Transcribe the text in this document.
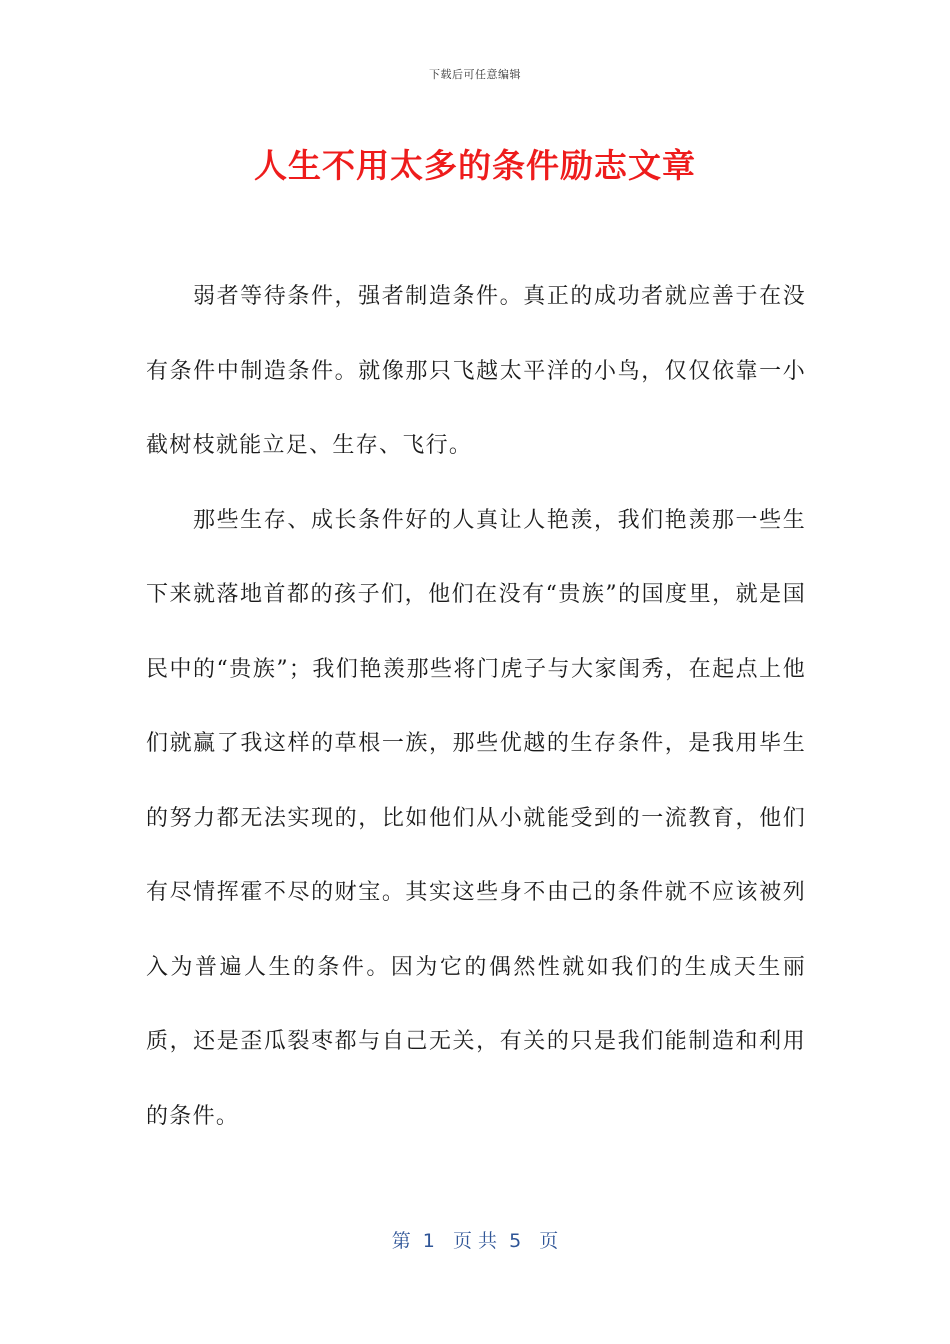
下载后可任意编辑
人生不用太多的条件励志文章

弱者等待条件，强者制造条件。真正的成功者就应善于在没有条件中制造条件。就像那只飞越太平洋的小鸟，仅仅依靠一小截树枝就能立足、生存、飞行。

那些生存、成长条件好的人真让人艳羡，我们艳羡那一些生下来就落地首都的孩子们，他们在没有“贵族”的国度里，就是国民中的“贵族”；我们艳羡那些将门虎子与大家闺秀，在起点上他们就赢了我这样的草根一族，那些优越的生存条件，是我用毕生的努力都无法实现的，比如他们从小就能受到的一流教育，他们有尽情挥霍不尽的财宝。其实这些身不由己的条件就不应该被列入为普遍人生的条件。因为它的偶然性就如我们的生成天生丽质，还是歪瓜裂枣都与自己无关，有关的只是我们能制造和利用的条件。

第  1   页 共  5   页
